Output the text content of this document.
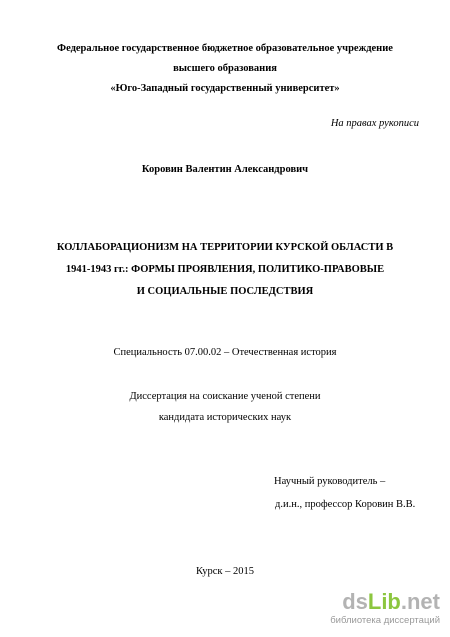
Федеральное государственное бюджетное образовательное учреждение
высшего образования
«Юго-Западный государственный университет»
На правах рукописи
Коровин Валентин Александрович
КОЛЛАБОРАЦИОНИЗМ НА ТЕРРИТОРИИ КУРСКОЙ ОБЛАСТИ В
1941-1943 гг.: ФОРМЫ ПРОЯВЛЕНИЯ, ПОЛИТИКО-ПРАВОВЫЕ
И СОЦИАЛЬНЫЕ ПОСЛЕДСТВИЯ
Специальность 07.00.02 – Отечественная история
Диссертация на соискание ученой степени
кандидата исторических наук
Научный руководитель –
д.и.н., профессор Коровин В.В.
Курск – 2015
dsLib.net
библиотека диссертаций
